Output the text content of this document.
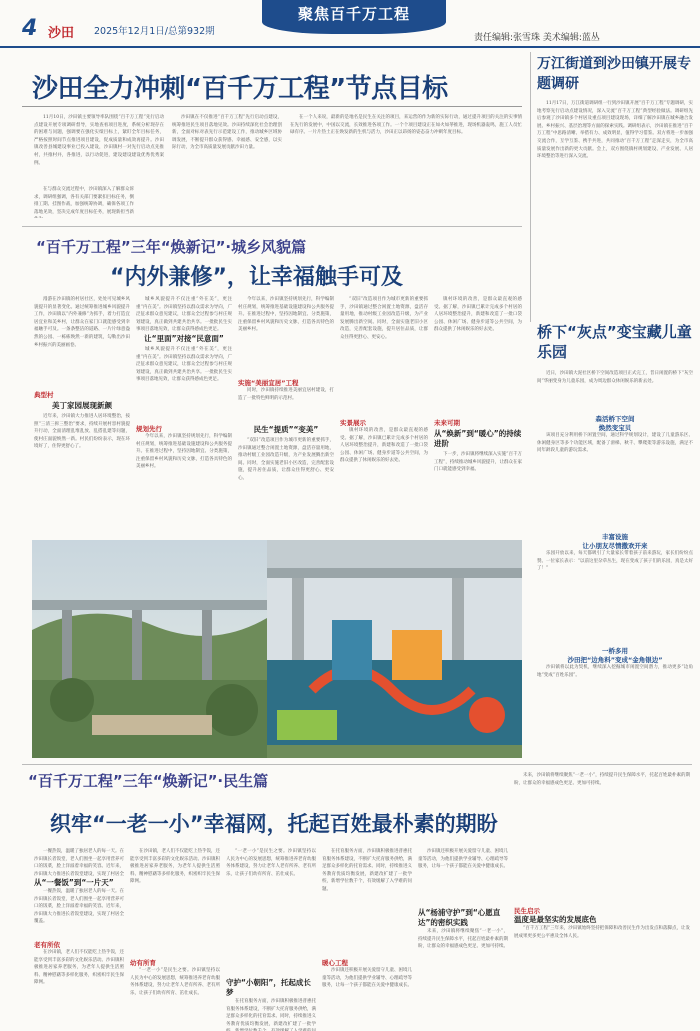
4 沙田 2025年12月1日/总第932期
聚焦百千万工程
责任编辑:张雪珠 美术编辑:蓝丛
沙田全力冲刺“百千万工程”节点目标

11月10日，沙田镇主要领导率队围绕“百千万工程”先行启动点建设开展专项调研督导，实地查看项目进度，系统分析现存在的困难与问题，强调要在强化实绩目标上，紧盯全年目标任务，严格按照时间节点推进项目建设，促成质量和成效再提升。沙田镇改善县城建设事业已投入建设，沙田镇村一对先行启动点先推村，共推村并，各推进，以行动促进，建设建设建设优秀优秀案例。

沙田镇在不仅推进“百千万工程”先行启动点建设，统筹推进民生项目落地见效。沙田持续深化社会治理创新，全面对标对表先行示范建设工作，推动城乡区域协调发展，不断提升群众获得感、幸福感、安全感，以实际行动，为全市高质量发展贡献沙田力量。

在与群众交流过程中，沙田镇深入了解群众诉求，调研组强调，各有关部门要紧扣目标任务，倒排工期、挂图作战，加强统筹协调，确保各项工作落地见效，坚决完成年度目标任务，展现新担当新

在一个人来说，最新的是地名是民生在关注的项目，来运营的作为新的实际行动，通过提升项目的关注的实事情在先行的发展中，中国以交流，长效推进各项工作。一个个项目建设正在如火如荼推进，现场机器轰鸣，施工人员忙碌有序。一片片热土正在焕发新的生机与活力，沙田正以昂扬的姿态奋力冲刺年度目标。

万江街道到沙田镇开展专题调研

11月17日，万江街道调研组一行到沙田镇开展“百千万工程”专题调研，实地考察先行启动点建设情况，深入交流“百千万工程”典型经验做法。调研组先后参观了沙田镇多个村居及重点项目建设现场，详细了解沙田镇在城乡融合发展、乡村振兴、基层治理等方面的探索实践。调研组表示，沙田镇在推进“百千万工程”中思路清晰、举措有力、成效明显，值得学习借鉴。双方将进一步加强交流合作，互学互鉴、携手共进，共同推动“百千万工程”走深走实，为全市高质量发展作出新的更大贡献。会上，双方围绕镇村规划建设、产业发展、人居环境整治等进行深入交流。

“百千万工程”三年“焕新记”·城乡风貌篇
“内外兼修”，让幸福触手可及

漫游在沙田镇的村居社区，处处可见城乡风貌提升的显著变化。通过统筹推进城乡风貌提升工作，沙田镇以“内外兼修”为抓手，着力打造宜居宜业和美乡村，让群众在家门口就能感受到幸福触手可及。一条条整洁的道路、一片片绿意盎然的公园、一栋栋焕然一新的建筑，勾勒出沙田乡村振兴的美丽画卷。

典型村
美丁家园展现新颜

近年来，沙田镇大力推进人居环境整治，按照“三清三拆三整治”要求，持续开展村容村貌提升行动，全面清理乱堆乱放、乱搭乱建等问题，使村庄面貌焕然一新。村民们纷纷表示，现在环境好了，住得更舒心了。

城乡风貌提升不仅注重“外在美”，更注重“内在美”。沙田镇坚持以群众需求为导向，广泛征求群众意见建议，让群众全过程参与村庄规划建设，真正做到共建共治共享。一批批民生实事项目落地见效，让群众获得感成色更足。

让“里面”对接“民意面”

城乡风貌提升不仅注重“外在美”，更注重“内在美”。沙田镇坚持以群众需求为导向，广泛征求群众意见建议，让群众全过程参与村庄规划建设，真正做到共建共治共享。一批批民生实事项目落地见效，让群众获得感成色更足。

规划先行

今年以来，沙田镇坚持规划先行，科学编制村庄规划，统筹推进基础设施建设和公共服务提升。在推进过程中，坚持因地制宜、分类施策，注重保留乡村风貌和历史文脉，打造各具特色的美丽乡村。

今年以来，沙田镇坚持规划先行，科学编制村庄规划，统筹推进基础设施建设和公共服务提升。在推进过程中，坚持因地制宜、分类施策，注重保留乡村风貌和历史文脉，打造各具特色的美丽乡村。

实施“美丽宜居”工程

同时，沙田镇持续推进美丽宜居村建设，打造了一批特色鲜明的示范村。

民生“提质”“变美”

“双旧”改造项目作为城市更新的重要抓手，沙田镇通过整合闲置土地资源，盘活存量用地，推动村级工业园改造升级，为产业发展腾出新空间。同时，全面实施老旧小区改造，完善配套设施，提升居住品质，让群众住得更舒心、更安心。

“双旧”改造项目作为城市更新的重要抓手，沙田镇通过整合闲置土地资源，盘活存量用地，推动村级工业园改造升级，为产业发展腾出新空间。同时，全面实施老旧小区改造，完善配套设施，提升居住品质，让群众住得更舒心、更安心。

实景展示

镇村环境的改善，是群众最直观的感受。据了解，沙田镇已累计完成多个村居的人居环境整治提升，新建和改造了一批口袋公园、休闲广场、健身步道等公共空间，为群众提供了休闲娱乐的好去处。

镇村环境的改善，是群众最直观的感受。据了解，沙田镇已累计完成多个村居的人居环境整治提升，新建和改造了一批口袋公园、休闲广场、健身步道等公共空间，为群众提供了休闲娱乐的好去处。

未来可期
从“焕新”到“暖心”的持续进阶

下一步，沙田镇将继续深入实施“百千万工程”，持续推动城乡风貌提升，让群众在家门口就能感受到幸福。

桥下“灰点”变宝藏儿童乐园

近日，沙田镇大泥社区桥下空间改造项目正式完工，昔日闲置的桥下“灰空间”华丽变身为儿童乐园，成为周边群众休闲娱乐的新去处。

森活桥下空间
焕然变宝贝

该项目充分利用桥下闲置空间，通过科学规划设计，建设了儿童游乐区、休闲健身区等多个功能区域，配备了滑梯、秋千、攀爬架等游乐设施，满足不同年龄段儿童的游玩需求。

丰富设施
让小朋友尽情撒欢开来

乐园开放以来，每天都吸引了大量家长带着孩子前来游玩，家长们纷纷点赞。一位家长表示：“以前这里杂草丛生，现在变成了孩子们的乐园，真是太好了！”

一桥多用
沙田把“边角料”变成“金角银边”

沙田镇将以此为契机，继续深入挖掘城市闲置空间潜力，推动更多“边角地”变成“百姓乐园”。

“百千万工程”三年“焕新记”·民生篇
织牢“一老一小”幸福网，托起百姓最朴素的期盼

一餐热饭，温暖了独居老人的每一天。在沙田镇长者饭堂，老人们围坐一起享用营养可口的饭菜，脸上洋溢着幸福的笑容。近年来，沙田镇大力推进长者饭堂建设，实现了村居全

从“一餐饭”到“一片天”

一餐热饭，温暖了独居老人的每一天。在沙田镇长者饭堂，老人们围坐一起享用营养可口的饭菜，脸上洋溢着幸福的笑容。近年来，沙田镇大力推进长者饭堂建设，实现了村居全覆盖。

老有所依

在沙田镇，老人们不仅能吃上热乎饭，还能享受到丰富多彩的文化娱乐活动。沙田镇积极推进居家养老服务，为老年人提供生活照料、精神慰藉等多样化服务，织密织牢民生保障网。

在沙田镇，老人们不仅能吃上热乎饭，还能享受到丰富多彩的文化娱乐活动。沙田镇积极推进居家养老服务，为老年人提供生活照料、精神慰藉等多样化服务，织密织牢民生保障网。

幼有所育

“一老一小”是民生之要。沙田镇坚持以人民为中心的发展思想，统筹推进养老育幼服务体系建设，努力让老年人老有所养、老有所乐，让孩子们幼有所育、茁壮成长。

“一老一小”是民生之要。沙田镇坚持以人民为中心的发展思想，统筹推进养老育幼服务体系建设，努力让老年人老有所养、老有所乐，让孩子们幼有所育、茁壮成长。

守护“小朝阳”，托起成长梦

在托育服务方面，沙田镇积极推进普惠托育服务体系建设，不断扩大托育服务供给，满足群众多样化的托育需求。同时，持续推进义务教育优质均衡发展，新建改扩建了一批学

在托育服务方面，沙田镇积极推进普惠托育服务体系建设，不断扩大托育服务供给，满足群众多样化的托育需求。同时，持续推进义务教育优质均衡发展，新建改扩建了一批学校，新增学位数千个，有效缓解了入学难的问题。

暖心工程

沙田镇还积极开展关爱留守儿童、困境儿童等活动，为他们提供学业辅导、心理疏导等服务，让每一个孩子都能在关爱中健康成长。

沙田镇还积极开展关爱留守儿童、困境儿童等活动，为他们提供学业辅导、心理疏导等服务，让每一个孩子都能在关爱中健康成长。

从“杨浦守护”到“心愿直达”的密织实践

未来，沙田镇将继续聚焦“一老一小”，持续提升民生保障水平，托起百姓最朴素的期盼，让群众的幸福感成色更足、更加可持续。

未来，沙田镇将继续聚焦“一老一小”，持续提升民生保障水平，托起百姓最朴素的期盼，让群众的幸福感成色更足、更加可持续。

民生启示
温度是最坚实的发展底色

“百千万工程”三年来，沙田镇始终坚持把保障和改善民生作为出发点和落脚点，让发展成果更多更公平惠及全体人民。
